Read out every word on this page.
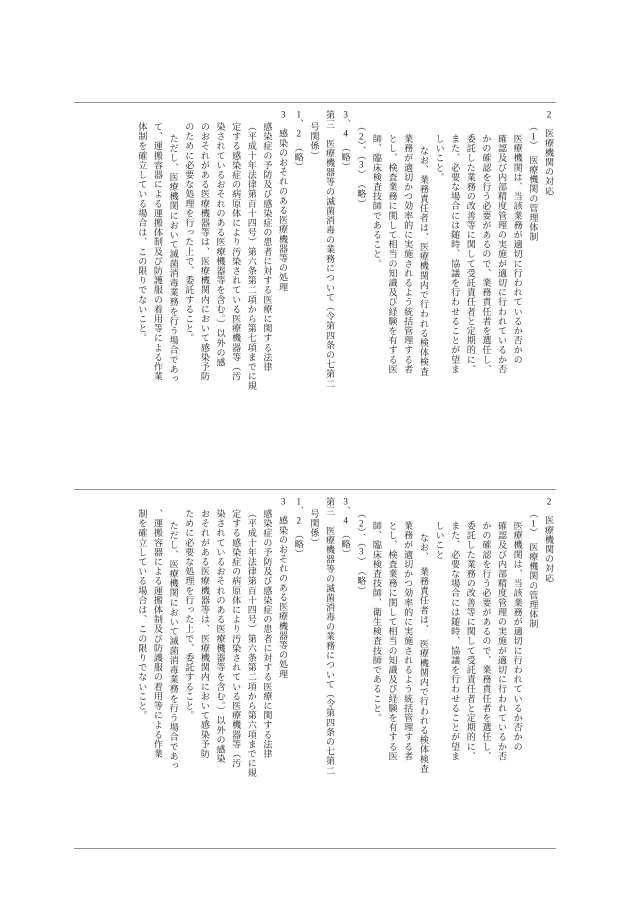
2　医療機関の対応
（1）　医療機関の管理体制
医療機関は、当該業務が適切に行われているか否かの
確認及び内部精度管理の実施が適切に行われているか否
かの確認を行う必要があるので、業務責任者を選任し、
委託した業務の改善等に関して受託責任者と定期的に、
また、必要な場合には随時、協議を行わせることが望ま
しいこと。
なお、業務責任者は、医療機関内で行われる検体検査
業務が適切かつ効率的に実施されるよう統括管理する者
とし、検査業務に関して相当の知識及び経験を有する医
師、臨床検査技師であること。
（2）、（3）　（略）
3、4　（略）
第三　医療機器等の滅菌消毒の業務について（令第四条の七第二
号関係）
1、2　（略）
3　感染のおそれのある医療機器等の処理
感染症の予防及び感染症の患者に対する医療に関する法律
（平成十年法律第百十四号）第六条第二項から第七項までに規
定する感染症の病原体により汚染されている医療機器等（汚
染されているおそれのある医療機器等を含む。）以外の感
のおそれがある医療機器等は、医療機関内において感染予防
のために必要な処理を行った上で、委託すること。
ただし、医療機関において滅菌消毒業務を行う場合であっ
て、運搬容器による運搬体制及び防護服の着用等による作業
体制を確立している場合は、この限りでないこと。
2　医療機関の対応
（1）　医療機関の管理体制
医療機関は、当該業務が適切に行われているか否かの
確認及び内部精度管理の実施が適切に行われているか否
かの確認を行う必要があるので、業務責任者を選任し、
委託した業務の改善等に関して受託責任者と定期的に、
また、必要な場合には随時、協議を行わせることが望ま
しいこと
なお、　業務責任者は、　医療機関内で行われる検体検査
業務が適切かつ効率的に実施されるよう統括管理する者
とし、検査業務に関して相当の知識及び経験を有する医
師、臨床検査技師、衛生検査技師であること。
（2）、（3）　（略）
3、4　（略）
第三　医療機器等の滅菌消毒の業務について（令第四条の七第二
号関係）
1、2　（略）
3　感染のおそれのある医療機器等の処理
感染症の予防及び感染症の患者に対する医療に関する法律
（平成十年法律第百十四号）第六条第二項から第六項までに規
定する感染症の病原体により汚染されている医療機器等（汚
染されているおそれのある医療機器等を含む。）以外の感染
おそれがある医療機器等は、医療機関内において感染予防
ために必要な処理を行った上で、委託すること。
ただし、医療機関において滅菌消毒業務を行う場合であっ
、運搬容器による運搬体制及び防護服の着用等による作業
制を確立している場合は、この限りでないこと。
